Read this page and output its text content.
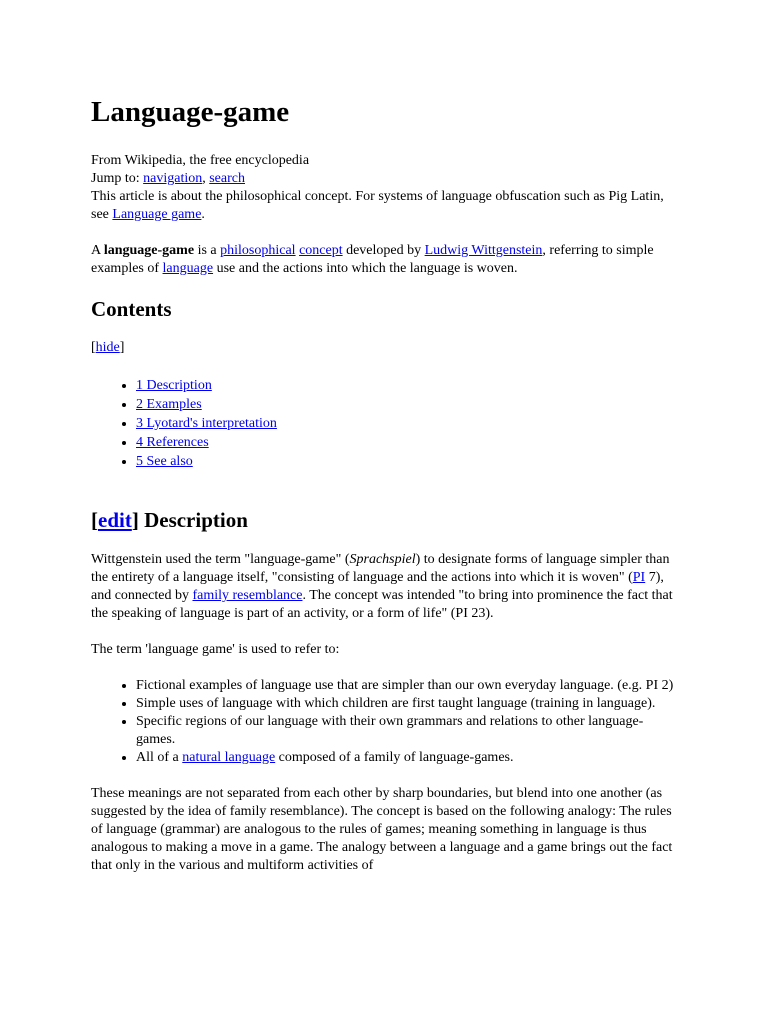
Language-game

From Wikipedia, the free encyclopedia

Jump to: navigation, search

This article is about the philosophical concept. For systems of language obfuscation such as Pig Latin, see Language game.

A language-game is a philosophical concept developed by Ludwig Wittgenstein, referring to simple examples of language use and the actions into which the language is woven.

Contents

[hide]

• 1 Description
• 2 Examples
• 3 Lyotard's interpretation
• 4 References
• 5 See also
[edit] Description

Wittgenstein used the term "language-game" (Sprachspiel) to designate forms of language simpler than the entirety of a language itself, "consisting of language and the actions into which it is woven" (PI 7), and connected by family resemblance. The concept was intended "to bring into prominence the fact that the speaking of language is part of an activity, or a form of life" (PI 23).

The term 'language game' is used to refer to:

• Fictional examples of language use that are simpler than our own everyday language. (e.g. PI 2)
• Simple uses of language with which children are first taught language (training in language).
• Specific regions of our language with their own grammars and relations to other language-games.
• All of a natural language composed of a family of language-games.

These meanings are not separated from each other by sharp boundaries, but blend into one another (as suggested by the idea of family resemblance). The concept is based on the following analogy: The rules of language (grammar) are analogous to the rules of games; meaning something in language is thus analogous to making a move in a game. The analogy between a language and a game brings out the fact that only in the various and multiform activities of
